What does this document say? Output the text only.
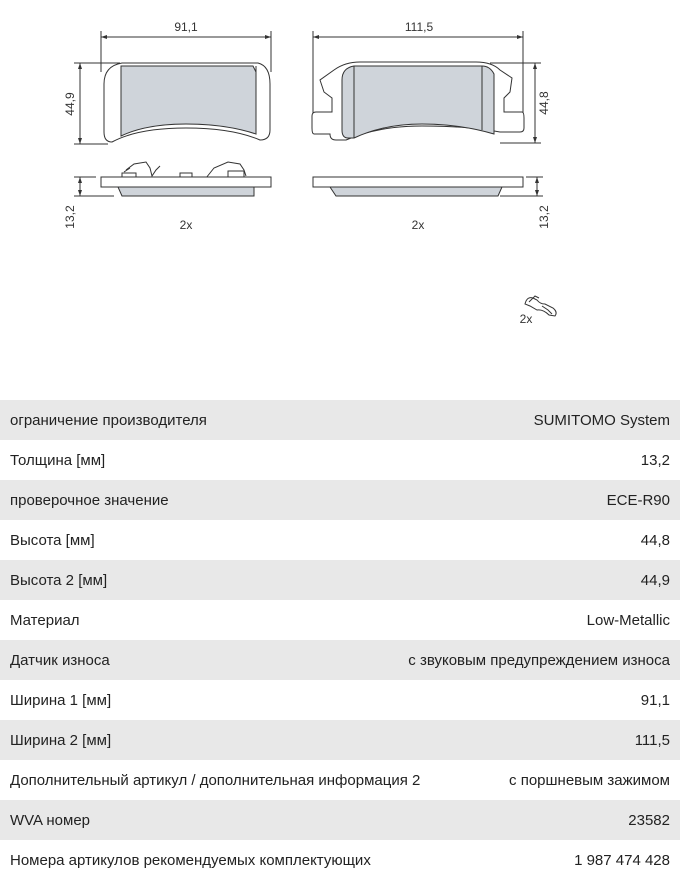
91,1	111,5
44,9	44,8
13,2	13,2
2x	2x
2x
ограничение производителя	SUMITOMO System
Толщина [мм]	13,2
проверочное значение	ECE-R90
Высота [мм]	44,8
Высота 2 [мм]	44,9
Материал	Low-Metallic
Датчик износа	с звуковым предупреждением износа
Ширина 1 [мм]	91,1
Ширина 2 [мм]	111,5
Дополнительный артикул / дополнительная информация 2	с поршневым зажимом
WVA номер	23582
Номера артикулов рекомендуемых комплектующих	1 987 474 428
